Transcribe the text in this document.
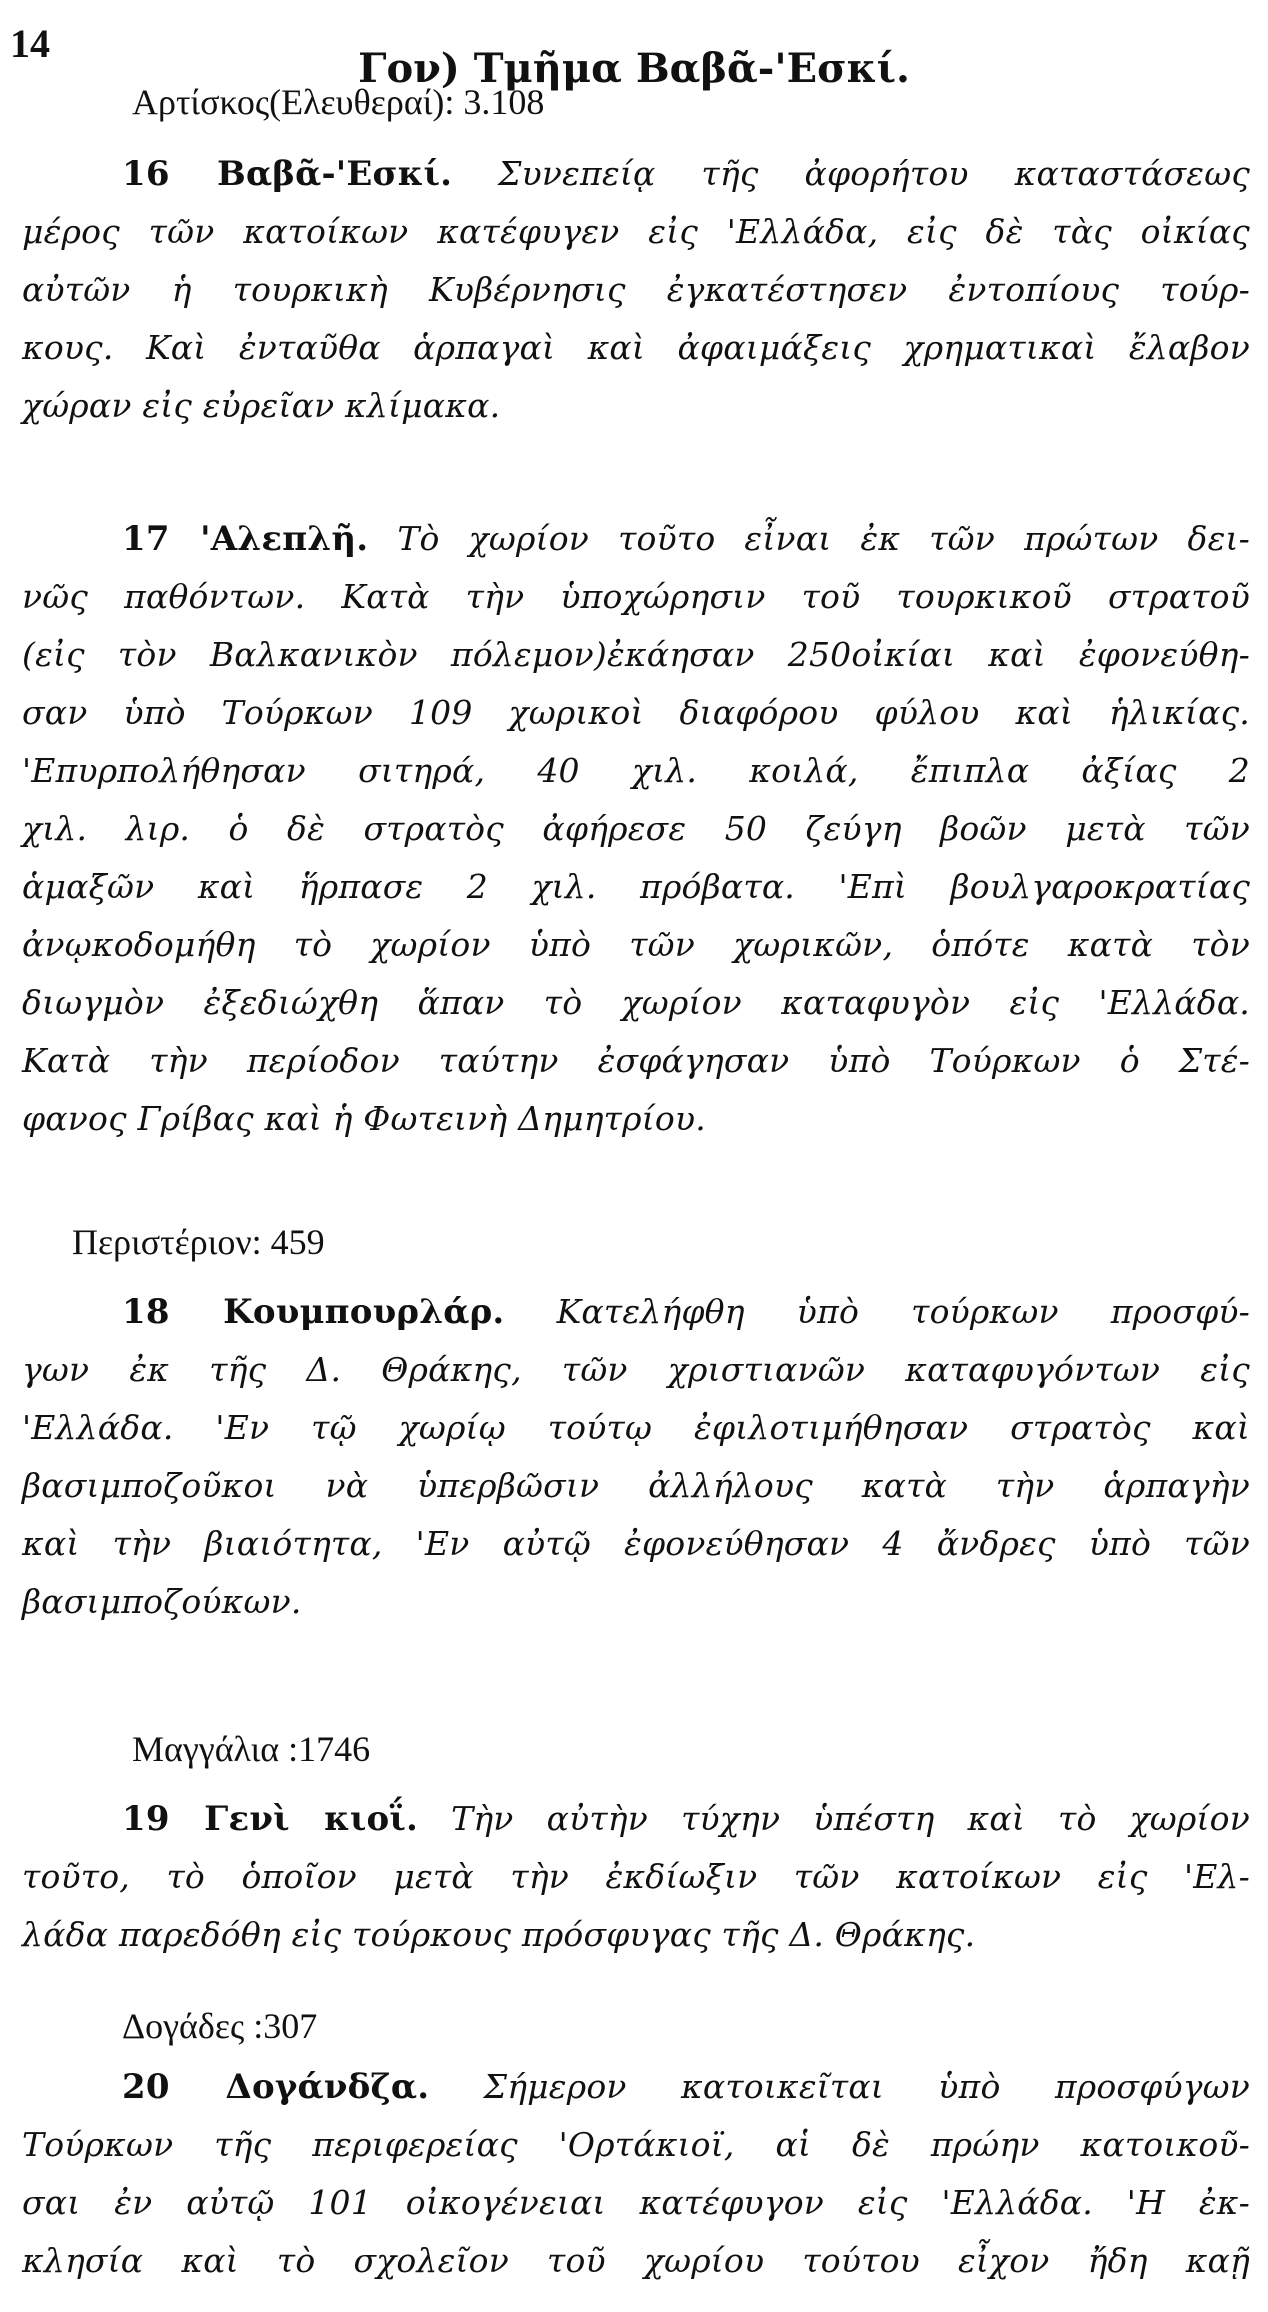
14
Γον) Τμῆμα Βαβᾶ-'Εσκί.
Αρτίσκος(Ελευθεραί): 3.108
16 Βαβᾶ-'Εσκί. Συνεπείᾳ τῆς ἀφορήτου καταστάσεως
μέρος τῶν κατοίκων κατέφυγεν εἰς 'Ελλάδα, εἰς δὲ τὰς οἰκίας
αὐτῶν ἡ τουρκικὴ Κυβέρνησις ἐγκατέστησεν ἐντοπίους τούρ-
κους. Καὶ ἐνταῦθα ἁρπαγαὶ καὶ ἀφαιμάξεις χρηματικαὶ ἔλαβον
χώραν εἰς εὐρεῖαν κλίμακα.
17 'Αλεπλῆ. Τὸ χωρίον τοῦτο εἶναι ἐκ τῶν πρώτων δει-
νῶς παθόντων. Κατὰ τὴν ὑποχώρησιν τοῦ τουρκικοῦ στρατοῦ
(εἰς τὸν Βαλκανικὸν πόλεμον)ἐκάησαν 250οἰκίαι καὶ ἐφονεύθη-
σαν ὑπὸ Τούρκων 109 χωρικοὶ διαφόρου φύλου καὶ ἡλικίας.
'Επυρπολήθησαν σιτηρά, 40 χιλ. κοιλά, ἔπιπλα ἀξίας 2
χιλ. λιρ. ὁ δὲ στρατὸς ἀφήρεσε 50 ζεύγη βοῶν μετὰ τῶν
ἁμαξῶν καὶ ἥρπασε 2 χιλ. πρόβατα. 'Επὶ βουλγαροκρατίας
ἀνῳκοδομήθη τὸ χωρίον ὑπὸ τῶν χωρικῶν, ὁπότε κατὰ τὸν
διωγμὸν ἐξεδιώχθη ἅπαν τὸ χωρίον καταφυγὸν εἰς 'Ελλάδα.
Κατὰ τὴν περίοδον ταύτην ἐσφάγησαν ὑπὸ Τούρκων ὁ Στέ-
φανος Γρίβας καὶ ἡ Φωτεινὴ Δημητρίου.
Περιστέριον: 459
18 Κουμπουρλάρ. Κατελήφθη ὑπὸ τούρκων προσφύ-
γων ἐκ τῆς Δ. Θράκης, τῶν χριστιανῶν καταφυγόντων εἰς
'Ελλάδα. 'Εν τῷ χωρίῳ τούτῳ ἐφιλοτιμήθησαν στρατὸς καὶ
βασιμποζοῦκοι νὰ ὑπερβῶσιν ἀλλήλους κατὰ τὴν ἁρπαγὴν
καὶ τὴν βιαιότητα, 'Εν αὐτῷ ἐφονεύθησαν 4 ἄνδρες ὑπὸ τῶν
βασιμποζούκων.
Μαγγάλια :1746
19 Γενὶ κιοΐ. Τὴν αὐτὴν τύχην ὑπέστη καὶ τὸ χωρίον
τοῦτο, τὸ ὁποῖον μετὰ τὴν ἐκδίωξιν τῶν κατοίκων εἰς 'Ελ-
λάδα παρεδόθη εἰς τούρκους πρόσφυγας τῆς Δ. Θράκης.
Δογάδες :307
20 Δογάνδζα. Σήμερον κατοικεῖται ὑπὸ προσφύγων
Τούρκων τῆς περιφερείας 'Ορτάκιοϊ, αἱ δὲ πρώην κατοικοῦ-
σαι ἐν αὐτῷ 101 οἰκογένειαι κατέφυγον εἰς 'Ελλάδα. 'Η ἐκ-
κλησία καὶ τὸ σχολεῖον τοῦ χωρίου τούτου εἶχον ἤδη καῇ
